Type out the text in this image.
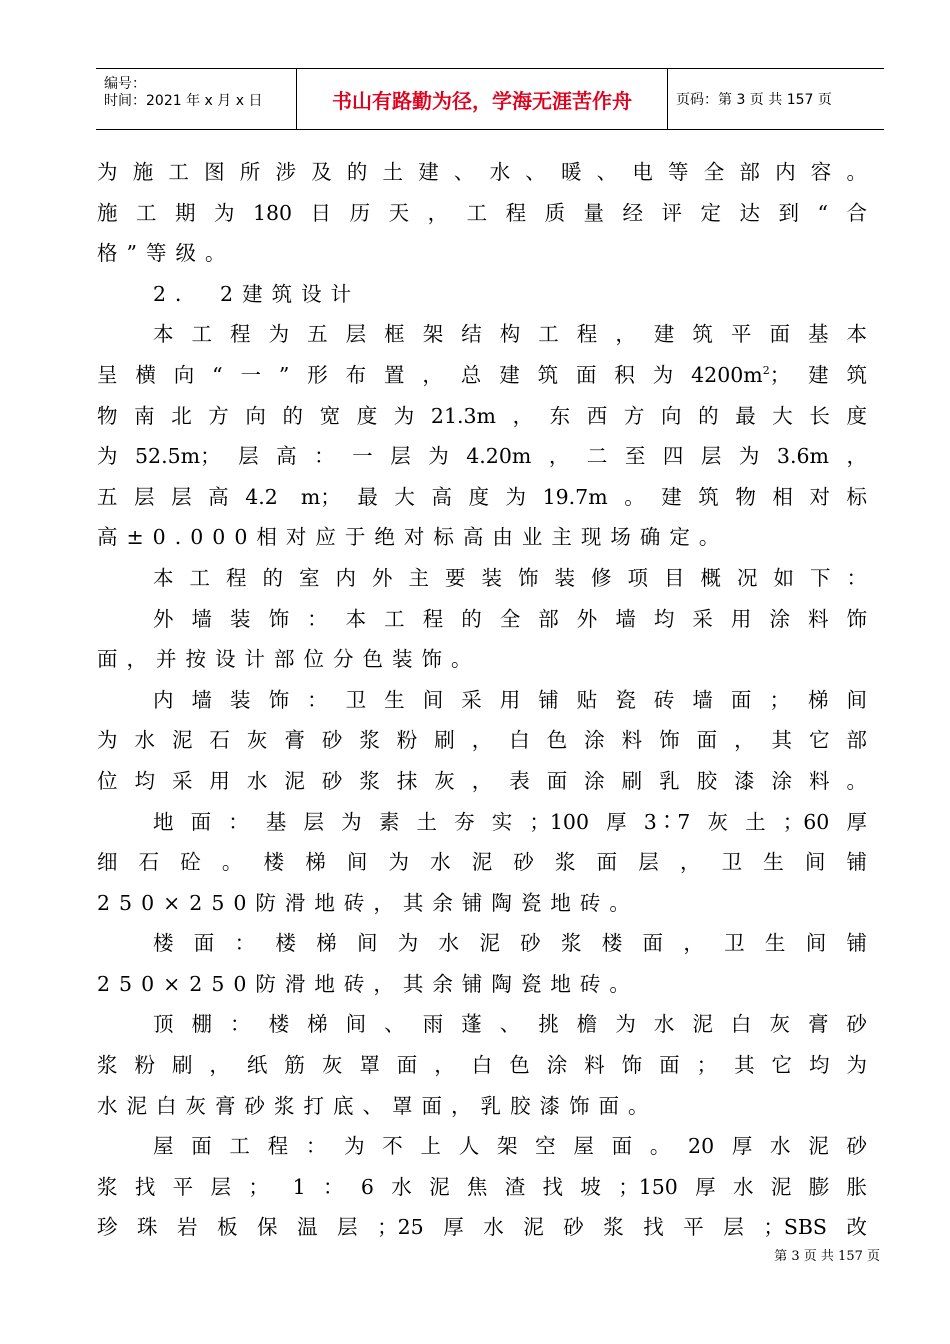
编号：
时间：2021 年 x 月 x 日	书山有路勤为径，学海无涯苦作舟	页码：第 3 页 共 157 页
为施工图所涉及的土建、水、暖、电等全部内容。
施工期为180日历天，工程质量经评定达到“合
格”等级。
2． 2建筑设计
本工程为五层框架结构工程，建筑平面基本
呈横向“一”形布置，总建筑面积为$4200m^2$；建筑
物南北方向的宽度为21.3m，东西方向的最大长度
为52.5m；层高：一层为4.20m，二至四层为3.6m，
五层层高4.2 m；最大高度为19.7m。建筑物相对标
高±0.000相对应于绝对标高由业主现场确定。
本工程的室内外主要装饰装修项目概况如下：
外墙装饰：本工程的全部外墙均采用涂料饰
面，并按设计部位分色装饰。
内墙装饰：卫生间采用铺贴瓷砖墙面；梯间
为水泥石灰膏砂浆粉刷，白色涂料饰面，其它部
位均采用水泥砂浆抹灰，表面涂刷乳胶漆涂料。
地面：基层为素土夯实；100厚3∶7灰土；60厚
细石砼。楼梯间为水泥砂浆面层，卫生间铺
250×250防滑地砖，其余铺陶瓷地砖。
楼面：楼梯间为水泥砂浆楼面，卫生间铺
250×250防滑地砖，其余铺陶瓷地砖。
顶棚：楼梯间、雨蓬、挑檐为水泥白灰膏砂
浆粉刷，纸筋灰罩面，白色涂料饰面；其它均为
水泥白灰膏砂浆打底、罩面，乳胶漆饰面。
屋面工程：为不上人架空屋面。20厚水泥砂
浆找平层； 1：6水泥焦渣找坡；150厚水泥膨胀
珍珠岩板保温层；25厚水泥砂浆找平层；SBS改
第 3 页 共 157 页
